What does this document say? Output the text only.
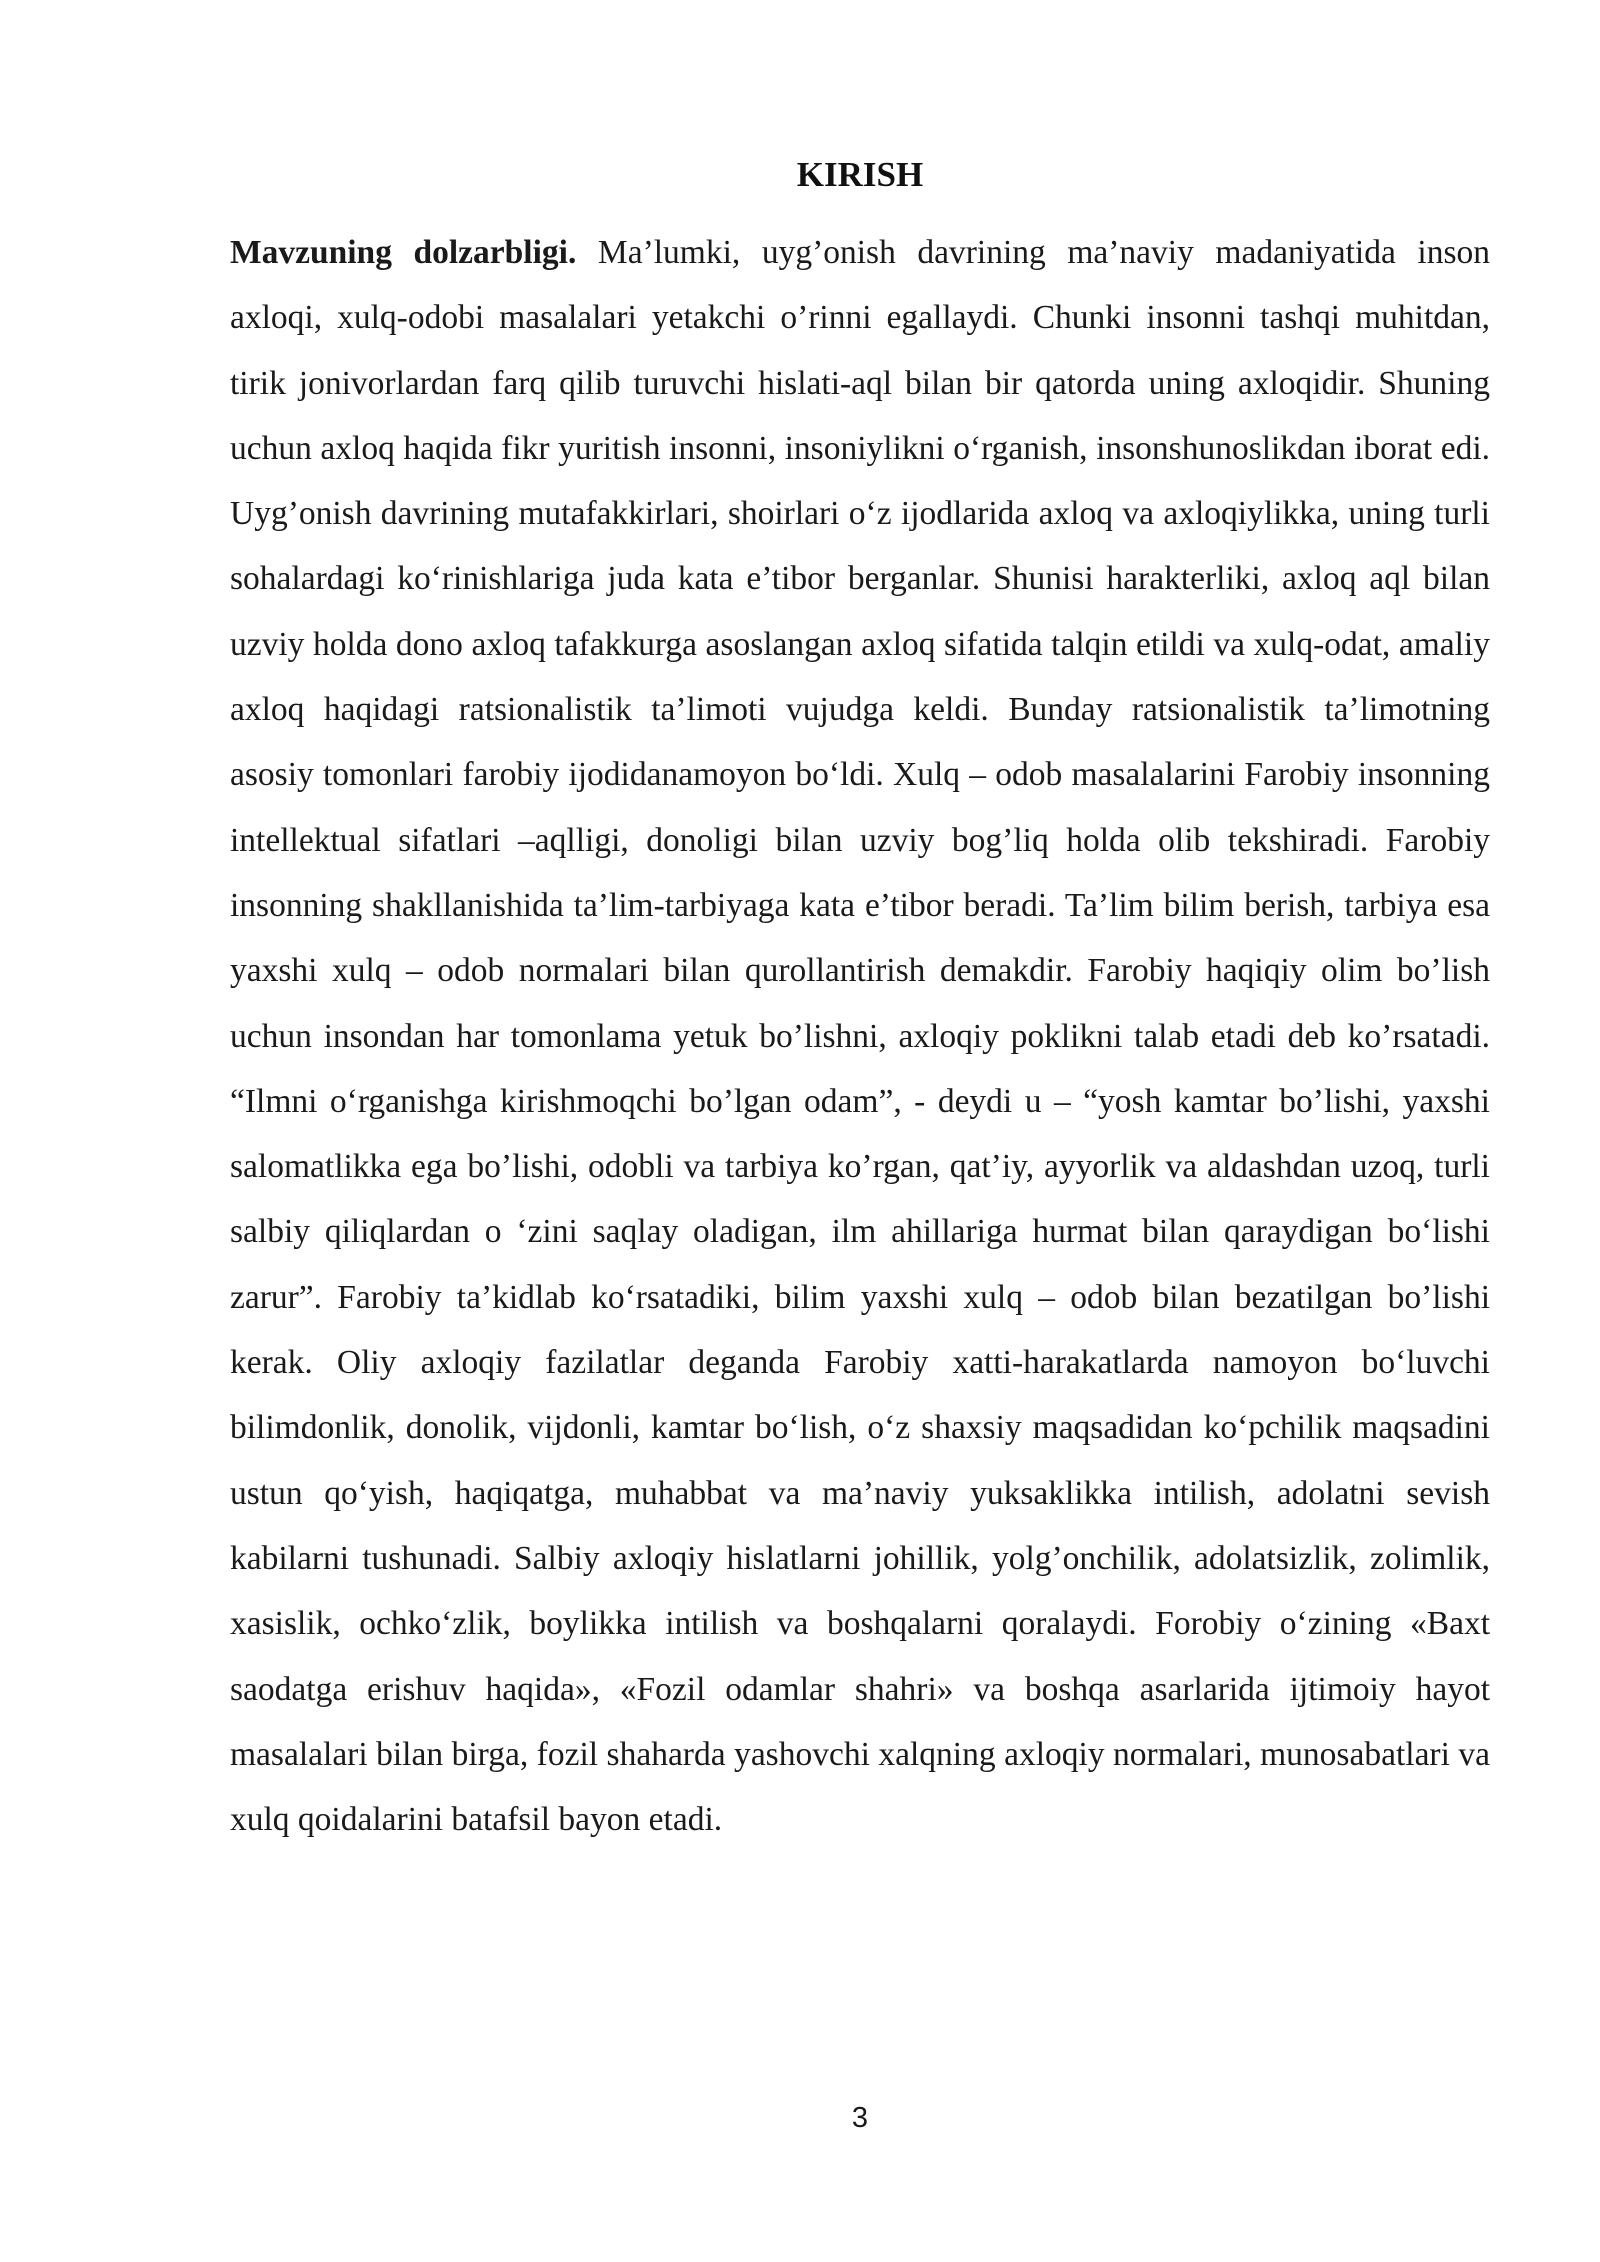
KIRISH

Mavzuning dolzarbligi. Ma’lumki, uyg’onish davrining ma’naviy madaniyatida inson axloqi, xulq-odobi masalalari yetakchi o’rinni egallaydi. Chunki insonni tashqi muhitdan, tirik jonivorlardan farq qilib turuvchi hislati-aql bilan bir qatorda uning axloqidir. Shuning uchun axloq haqida fikr yuritish insonni, insoniylikni o‘rganish, insonshunoslikdan iborat edi. Uyg’onish davrining mutafakkirlari, shoirlari o‘z ijodlarida axloq va axloqiylikka, uning turli sohalardagi ko‘rinishlariga juda kata e’tibor berganlar. Shunisi harakterliki, axloq aql bilan uzviy holda dono axloq tafakkurga asoslangan axloq sifatida talqin etildi va xulq-odat, amaliy axloq haqidagi ratsionalistik ta’limoti vujudga keldi. Bunday ratsionalistik ta’limotning asosiy tomonlari farobiy ijodidanamoyon bo‘ldi. Xulq – odob masalalarini Farobiy insonning intellektual sifatlari –aqlligi, donoligi bilan uzviy bog’liq holda olib tekshiradi. Farobiy insonning shakllanishida ta’lim-tarbiyaga kata e’tibor beradi. Ta’lim bilim berish, tarbiya esa yaxshi xulq – odob normalari bilan qurollantirish demakdir. Farobiy haqiqiy olim bo’lish uchun insondan har tomonlama yetuk bo’lishni, axloqiy poklikni talab etadi deb ko’rsatadi. “Ilmni o‘rganishga kirishmoqchi bo’lgan odam”, - deydi u – “yosh kamtar bo’lishi, yaxshi salomatlikka ega bo’lishi, odobli va tarbiya ko’rgan, qat’iy, ayyorlik va aldashdan uzoq, turli salbiy qiliqlardan o ‘zini saqlay oladigan, ilm ahillariga hurmat bilan qaraydigan bo‘lishi zarur”. Farobiy ta’kidlab ko‘rsatadiki, bilim yaxshi xulq – odob bilan bezatilgan bo’lishi kerak. Oliy axloqiy fazilatlar deganda Farobiy xatti-harakatlarda namoyon bo‘luvchi bilimdonlik, donolik, vijdonli, kamtar bo‘lish, o‘z shaxsiy maqsadidan ko‘pchilik maqsadini ustun qo‘yish, haqiqatga, muhabbat va ma’naviy yuksaklikka intilish, adolatni sevish kabilarni tushunadi. Salbiy axloqiy hislatlarni johillik, yolg’onchilik, adolatsizlik, zolimlik, xasislik, ochko‘zlik, boylikka intilish va boshqalarni qoralaydi. Forobiy o‘zining «Baxt saodatga erishuv haqida», «Fozil odamlar shahri» va boshqa asarlarida ijtimoiy hayot masalalari bilan birga, fozil shaharda yashovchi xalqning axloqiy normalari, munosabatlari va xulq qoidalarini batafsil bayon etadi.

3
